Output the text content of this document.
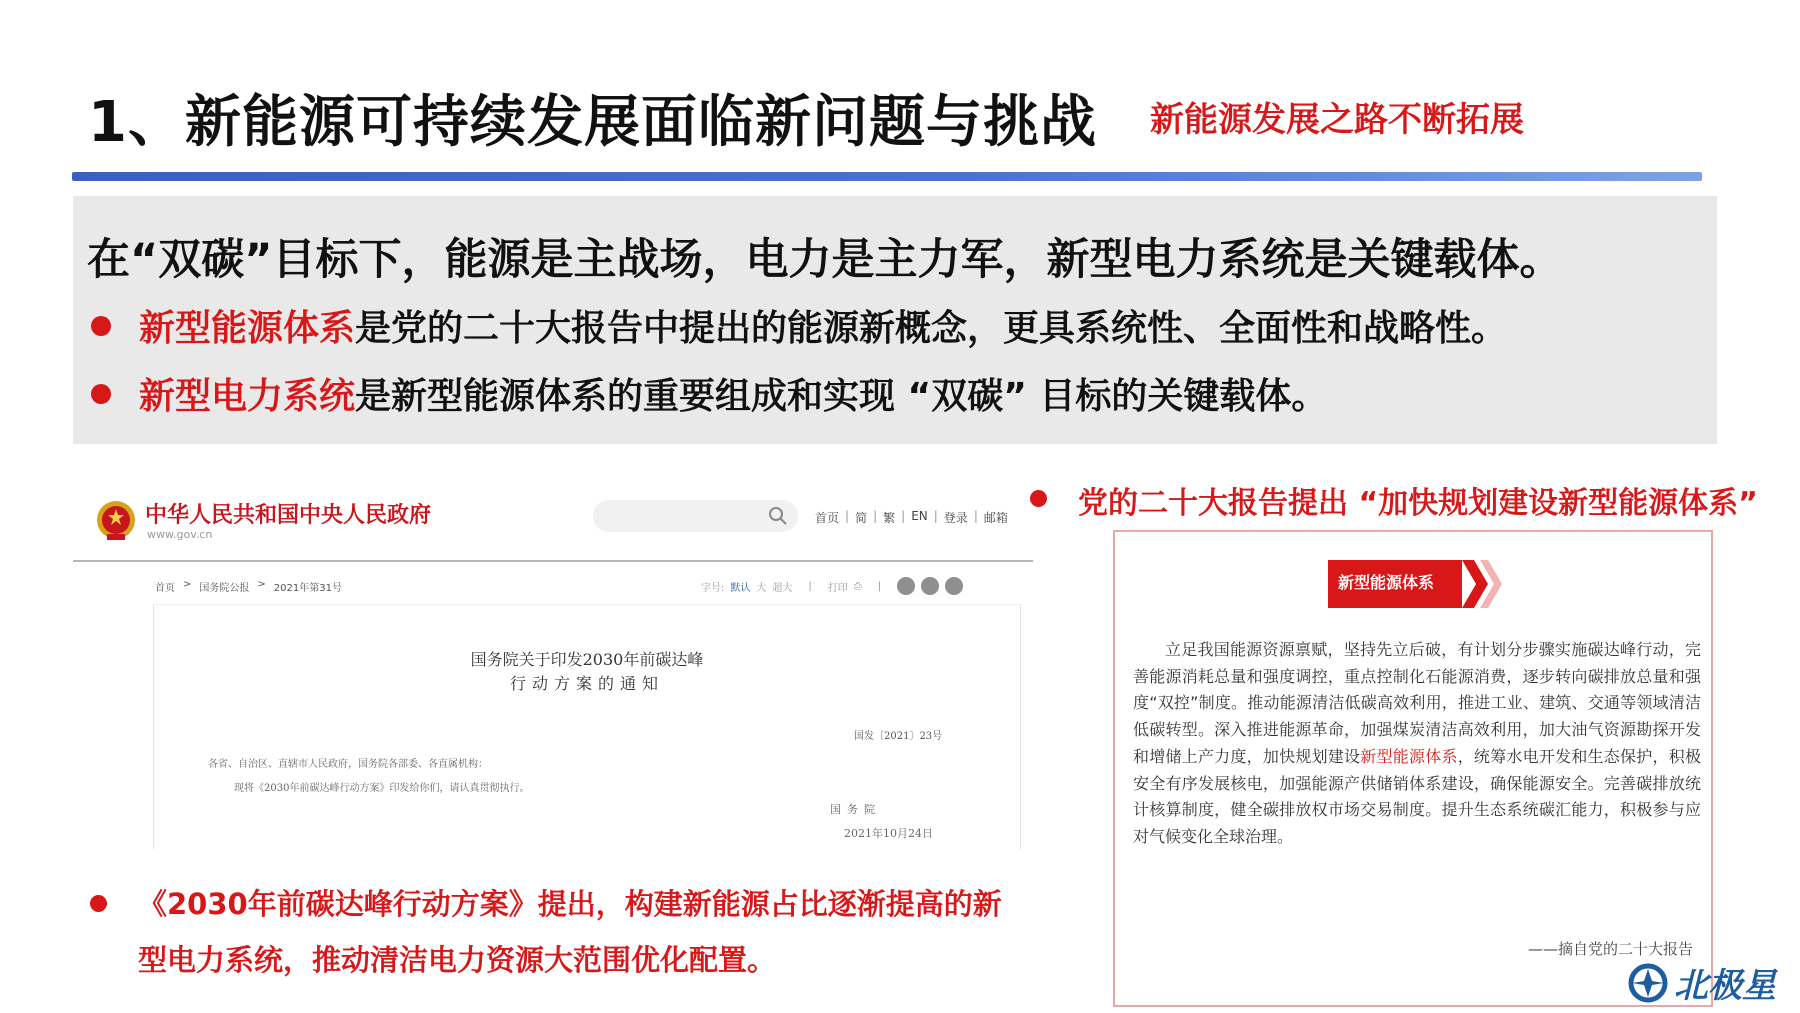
1、新能源可持续发展面临新问题与挑战 新能源发展之路不断拓展
在“双碳”目标下，能源是主战场，电力是主力军，新型电力系统是关键载体。
新型能源体系 是党的二十大报告中提出的能源新概念，更具系统性、全面性和战略性。
新型电力系统 是新型能源体系的重要组成和实现 “双碳” 目标的关键载体。
中华人民共和国中央人民政府
www.gov.cn
首页 | 简 | 繁 | EN | 登录 | 邮箱
首页 > 国务院公报 > 2021年第31号	字号: 默认 大 超大 | 打印 ⎙ |
国务院关于印发2030年前碳达峰
行动方案的通知
国发〔2021〕23号
各省、自治区、直辖市人民政府，国务院各部委、各直属机构：
现将《2030年前碳达峰行动方案》印发给你们，请认真贯彻执行。
国务院
2021年10月24日
《2030年前碳达峰行动方案》提出，构建新能源占比逐渐提高的新
型电力系统，推动清洁电力资源大范围优化配置。
党的二十大报告提出 “加快规划建设新型能源体系”
新型能源体系
立足我国能源资源禀赋，坚持先立后破，有计划分步骤实施碳达峰行动，完善能源消耗总量和强度调控，重点控制化石能源消费，逐步转向碳排放总量和强度“双控”制度。推动能源清洁低碳高效利用，推进工业、建筑、交通等领域清洁低碳转型。深入推进能源革命，加强煤炭清洁高效利用，加大油气资源勘探开发和增储上产力度，加快规划建设新型能源体系，统筹水电开发和生态保护，积极安全有序发展核电，加强能源产供储销体系建设，确保能源安全。完善碳排放统计核算制度，健全碳排放权市场交易制度。提升生态系统碳汇能力，积极参与应对气候变化全球治理。
——摘自党的二十大报告
北极星
